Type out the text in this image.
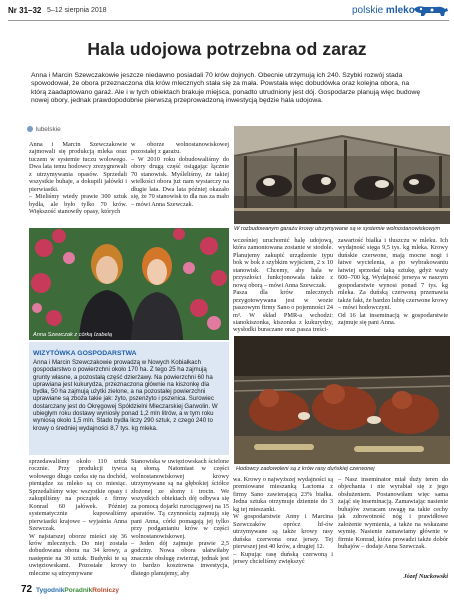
Nr 31–32 5–12 sierpnia 2018	polskie mleko
Hala udojowa potrzebna od zaraz
Anna i Marcin Szewczakowie jeszcze niedawno posiadali 70 krów dojnych. Obecnie utrzymują ich 240. Szybki rozwój stada spowodował, że obora przeznaczona dla krów mlecznych stała się za mała. Powstała więc dobudówka oraz kolejna obora, na którą zaadaptowano garaż. Ale i w tych obiektach brakuje miejsca, ponadto utrudniony jest dój. Gospodarze planują więc budowę nowej obory, jednak prawdopodobnie pierwszą przeprowadzoną inwestycją będzie hala udojowa.
lubelskie
Anna i Marcin Szewczakowie zajmowali się produkcją mleka oraz tuczem w systemie tuczu wolowego. Dwa lata temu hodowcy zrezygnowali z utrzymywania opasów. Sprzedali wszystkie buhaje, a dokupili jałówki i pierwiastki.
– Mieliśmy wtedy prawie 300 sztuk bydła, ale było tylko 70 krów. Większość stanowiły opasy, których
w oborze wolnostanowiskowej pozostałej z garażu.
– W 2010 roku dobudowaliśmy do obory drugą część osiągając łącznie 70 stanowisk. Myśleliśmy, że takiej wielkości obora już nam wystarczy na długie lata. Dwa lata później okazało się, że 70 stanowisk to dla nas za mało – mówi Anna Szewczak.
W rozbudowanym garażu krowy utrzymywane są w systemie wolnostanowiskowym
Anna Szewczak z córką Izabelą
wcześniej uruchomić halę udojową, która zamontowana zostanie w stodole. Planujemy zakupić urządzenie typu bok w bok z szybkim wyjściem, 2 x 10 stanowisk. Chcemy, aby hala w przyszłości funkcjonowała także z nową oborą – mówi Anna Szewczak.
Pasza dla krów mlecznych przygotowywana jest w wozie paszowym firmy Sano o pojemności 24 m³. W skład PMR-a wchodzi: sianokiszonka, kiszonka z kukurydzy, wysłodki buraczane oraz pasza treści-
zawartość białka i tłuszczu w mleku. Ich wydajność sięga 9,5 tys. kg mleka. Krowy duńskie czerwone, mają mocne nogi i łatwe wycielenia, a po wybrakowaniu łatwiej sprzedać taką sztukę, gdyż waży 600–700 kg. Wydajność jerseya w naszym gospodarstwie wynosi ponad 7 tys. kg mleka. Za duńską czerwoną przemawia także fakt, że bardzo lubię czerwone krowy – mówi hodowczyni.
Od 16 lat inseminacją w gospodarstwie zajmuje się pani Anna.
WIZYTÓWKA GOSPODARSTWA
Anna i Marcin Szewczakowie prowadzą w Nowych Kobiałkach gospodarstwo o powierzchni około 170 ha. Z tego 25 ha zajmują grunty własne, a pozostałą część dzierżawy. Na powierzchni 60 ha uprawiana jest kukurydza, przeznaczona głównie na kiszonkę dla bydła, 50 ha zajmują użytki zielone, a na pozostałej powierzchni uprawiane są zboża takie jak: żyto, pszenżyto i pszenica. Surowiec dostarczany jest do Okręgowej Spółdzielni Mleczarskiej Garwolin. W ubiegłym roku dostawy wyniosły ponad 1,2 mln litrów, a w tym roku wyniosą około 1,5 mln. Stado bydła liczy 290 sztuk, z czego 240 to krowy o średniej wydajności 8,7 tys. kg mleka.
Hodowcy zadowoleni są z krów rasy duńskiej czerwonej
sprzedawaliśmy około 110 sztuk rocznie. Przy produkcji tywca wołowego długo czeka się na dochód, pieniądze za mleko są co miesiąc. Sprzedaliśmy więc wszystkie opasy i zakupiliśmy na początek z firmy Konrad 60 jałówek. Później systematycznie kupowaliśmy pierwiastki krajowe – wyjaśnia Anna Szewczak.
W najstarszej oborze mieści się 36 krów mlecznych. Do niej została dobudowana obora na 34 krowy, a następnie na 30 sztuk. Budynki te są uwięziowskami. Pozostałe krowy mleczne są utrzymywane
Stanowiska w uwięziowskach ścielone są słomą. Natomiast w części wolnostanowiskowej krowy utrzymywane są na głębokiej ściółce złożonej ze słomy i trocin. We wszystkich obiektach dój odbywa się za pomocą dojarki rurociągowej na 15 aparatów. Tą czynnością zajmują się pani Anna, córki pomagają jej tylko przy podganianiu krów w części wolnostanowiskowej.
– Jeden dój zajmuje prawie 2,5 godziny. Nowa obora ułatwiłaby znacznie obsługę zwierząt, jednak jest to bardzo kosztowna inwestycja, dlatego planujemy, aby
wa. Krowy o najwyższej wydajności są premiowane mieszanką Lactoma z firmy Sano zawierającą 23% białka. Jedna sztuka otrzymuje dziennie do 3 kg tej mieszanki.
W gospodarstwie Anny i Marcina Szewczaków oprócz hf-ów utrzymywane są także krowy rasy duńska czerwona oraz jersey. Tej pierwszej jest 40 krów, a drugiej 12.
– Kupując rasę duńską czerwoną i jersey chcieliśmy zwiększyć
– Nasz inseminator miał duży teren do objechania i nie wyrabiał się z jego obsłużeniem. Postanowiłam więc sama zająć się inseminacją. Zamawiając nasienie buhajów zwracam uwagę na takie cechy jak zdrowotność nóg i prawidłowe założenie wymienia, a także na wskazane wymię. Nasienie zamawiamy głównie w firmie Konrad, która prowadzi także dobór buhajów – dodaje Anna Szewczak.
Józef Nuckowski
72 TygodnikPoradnikRolniczy
